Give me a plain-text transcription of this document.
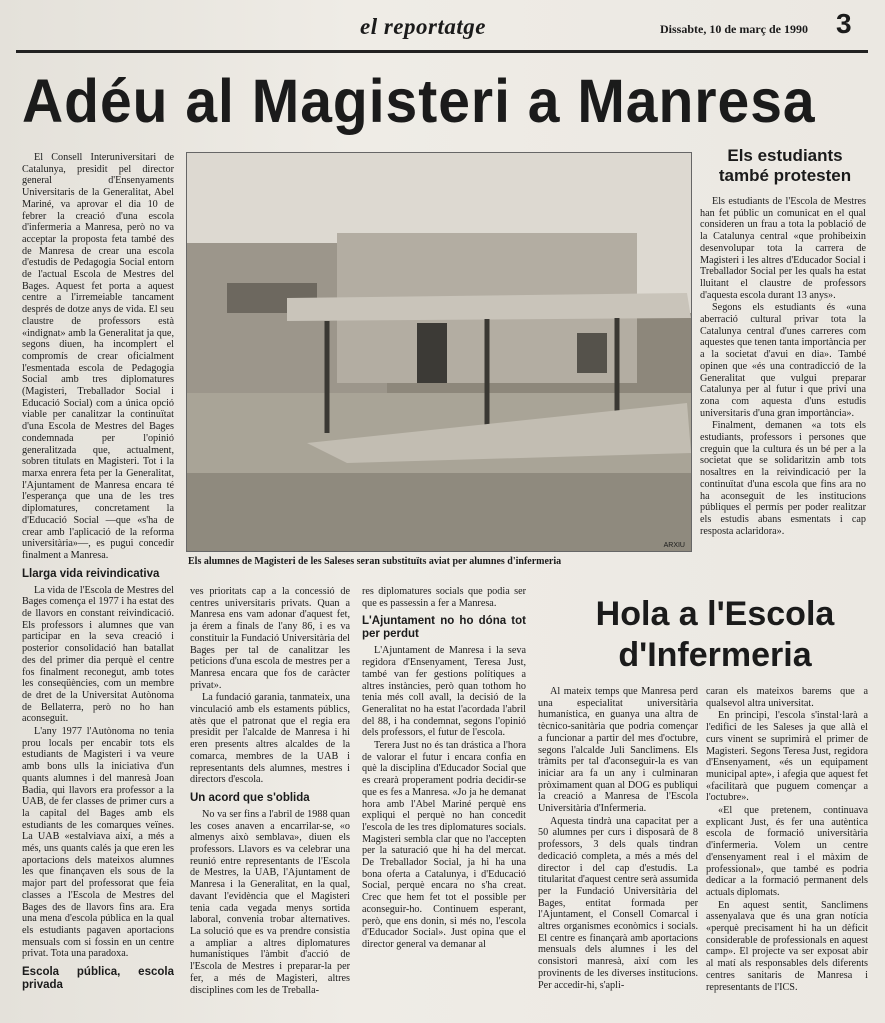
el reportatge	Dissabte, 10 de març de 1990 3
Adéu al Magisteri a Manresa

El Consell Interuniversitari de Catalunya, presidit pel director general d'Ensenyaments Universitaris de la Generalitat, Abel Mariné, va aprovar el dia 10 de febrer la creació d'una escola d'infermeria a Manresa, però no va acceptar la proposta feta també des de Manresa de crear una escola d'estudis de Pedagogia Social entorn de l'actual Escola de Mestres del Bages. Aquest fet porta a aquest centre a l'irremeiable tancament després de dotze anys de vida. El seu claustre de professors està «indignat» amb la Generalitat ja que, segons diuen, ha incomplert el compromís de crear oficialment l'esmentada escola de Pedagogia Social amb tres diplomatures (Magisteri, Treballador Social i Educació Social) com a única opció viable per canalitzar la continuïtat d'una Escola de Mestres del Bages condemnada per l'opinió generalitzada que, actualment, sobren titulats en Magisteri. Tot i la marxa enrera feta per la Generalitat, l'Ajuntament de Manresa encara té l'esperança que una de les tres diplomatures, concretament la d'Educació Social —que «s'ha de crear amb l'aplicació de la reforma universitària»—, es pugui concedir finalment a Manresa.

Llarga vida reivindicativa

La vida de l'Escola de Mestres del Bages comença el 1977 i ha estat des de llavors en constant reivindicació. Els professors i alumnes que van participar en la seva creació i posterior consolidació han batallat des del primer dia perquè el centre fos finalment reconegut, amb totes les conseqüències, com un membre de dret de la Universitat Autònoma de Bellaterra, però no ho han aconseguit.

L'any 1977 l'Autònoma no tenia prou locals per encabir tots els estudiants de Magisteri i va veure amb bons ulls la iniciativa d'un quants alumnes i del manresà Joan Badia, qui llavors era professor a la UAB, de fer classes de primer curs a la capital del Bages amb els estudiants de les comarques veïnes. La UAB «estalviava així, a més a més, uns quants calés ja que eren les aportacions dels mateixos alumnes les que finançaven els sous de la major part del professorat que feia classes a l'Escola de Mestres del Bages des de llavors fins ara. Era una mena d'escola pública en la qual els estudiants pagaven aportacions mensuals com si fossin en un centre privat. Tota una paradoxa.

Escola pública, escola privada
ARXIU
Els alumnes de Magisteri de les Saleses seran substituïts aviat per alumnes d'infermeria
Els estudiants també protesten

Els estudiants de l'Escola de Mestres han fet públic un comunicat en el qual consideren un frau a tota la població de la Catalunya central «que prohibeixin desenvolupar tota la carrera de Magisteri i les altres d'Educador Social i Treballador Social per les quals ha estat lluitant el claustre de professors d'aquesta escola durant 13 anys».

Segons els estudiants és «una aberració cultural privar tota la Catalunya central d'unes carreres com aquestes que tenen tanta importància per a la societat d'avui en dia». També opinen que «és una contradicció de la Generalitat que vulgui preparar Catalunya per al futur i que privi una zona com aquesta d'uns estudis universitaris d'una gran importància».

Finalment, demanen «a tots els estudiants, professors i persones que creguin que la cultura és un bé per a la societat que se solidaritzin amb tots nosaltres en la reivindicació per la continuïtat d'una escola que fins ara no ha aconseguit de les institucions públiques el permís per poder realitzar els estudis abans esmentats i cap resposta aclaridora».

ves prioritats cap a la concessió de centres universitaris privats. Quan a Manresa ens vam adonar d'aquest fet, ja érem a finals de l'any 86, i es va constituir la Fundació Universitària del Bages per tal de canalitzar les peticions d'una escola de mestres per a Manresa encara que fos de caràcter privat».

La fundació garania, tanmateix, una vinculació amb els estaments públics, atès que el patronat que el regia era presidit per l'alcalde de Manresa i hi eren presents altres alcaldes de la comarca, membres de la UAB i representants dels alumnes, mestres i directors d'escola.

Un acord que s'oblida

No va ser fins a l'abril de 1988 quan les coses anaven a encarrilar-se, «o almenys això semblava», diuen els professors. Llavors es va celebrar una reunió entre representants de l'Escola de Mestres, la UAB, l'Ajuntament de Manresa i la Generalitat, en la qual, davant l'evidència que el Magisteri tenia cada vegada menys sortida laboral, convenia trobar alternatives. La solució que es va prendre consistia a ampliar a altres diplomatures humanístiques l'àmbit d'acció de l'Escola de Mestres i preparar-la per fer, a més de Magisteri, altres disciplines com les de Treballa-

res diplomatures socials que podia ser que es passessin a fer a Manresa.

L'Ajuntament no ho dóna tot per perdut

L'Ajuntament de Manresa i la seva regidora d'Ensenyament, Teresa Just, també van fer gestions polítiques a altres instàncies, però quan tothom ho tenia més coll avall, la decisió de la Generalitat no ha estat l'acordada l'abril del 88, i ha condemnat, segons l'opinió dels professors, el futur de l'escola.

Tererа Just no és tan drástica a l'hora de valorar el futur i encara confia en què la disciplina d'Educador Social que es crearà properament podria decidir-se que es fes a Manresa. «Jo ja he demanat hora amb l'Abel Mariné perquè ens expliqui el perquè no han concedit l'escola de les tres diplomatures socials. Magisteri sembla clar que no l'accepten per la saturació que hi ha del mercat. De Treballador Social, ja hi ha una bona oferta a Catalunya, i d'Educació Social, perquè encara no s'ha creat. Crec que hem fet tot el possible per aconseguir-ho. Continuem esperant, però, que ens donin, si més no, l'escola d'Educador Social». Just opina que el director general va demanar al

Hola a l'Escola d'Infermeria

Al mateix temps que Manresa perd una especialitat universitària humanística, en guanya una altra de tècnico-sanitària que podria començar a funcionar a partir del mes d'octubre, segons l'alcalde Juli Sanclimens. Els tràmits per tal d'aconseguir-la es van iniciar ara fa un any i culminaran pròximament quan al DOG es publiqui la creació a Manresa de l'Escola Universitària d'Infermeria.

Aquesta tindrà una capacitat per a 50 alumnes per curs i disposarà de 8 professors, 3 dels quals tindran dedicació completa, a més a més del director i del cap d'estudis. La titularitat d'aquest centre serà assumida per la Fundació Universitària del Bages, entitat formada per l'Ajuntament, el Consell Comarcal i altres organismes econòmics i socials. El centre es finançarà amb aportacions mensuals dels alumnes i les del consistori manresà, així com les provinents de les diverses institucions. Per accedir-hi, s'apli-

caran els mateixos barems que a qualsevol altra universitat.

En principi, l'escola s'instal·larà a l'edifici de les Saleses ja que allà el curs vinent se suprimirà el primer de Magisteri. Segons Teresa Just, regidora d'Ensenyament, «és un equipament municipal apte», i afegia que aquest fet «facilitarà que puguem començar a l'octubre».

«El que pretenem, continuava explicant Just, és fer una autèntica escola de formació universitària d'infermeria. Volem un centre d'ensenyament real i el màxim de professional», que també es podria dedicar a la formació permanent dels actuals diplomats.

En aquest sentit, Sanclimens assenyalava que és una gran notícia «perquè precisament hi ha un dèficit considerable de professionals en aquest camp». El projecte va ser exposat abir al matí als responsables dels diferents centres sanitaris de Manresa i representants de l'ICS.
